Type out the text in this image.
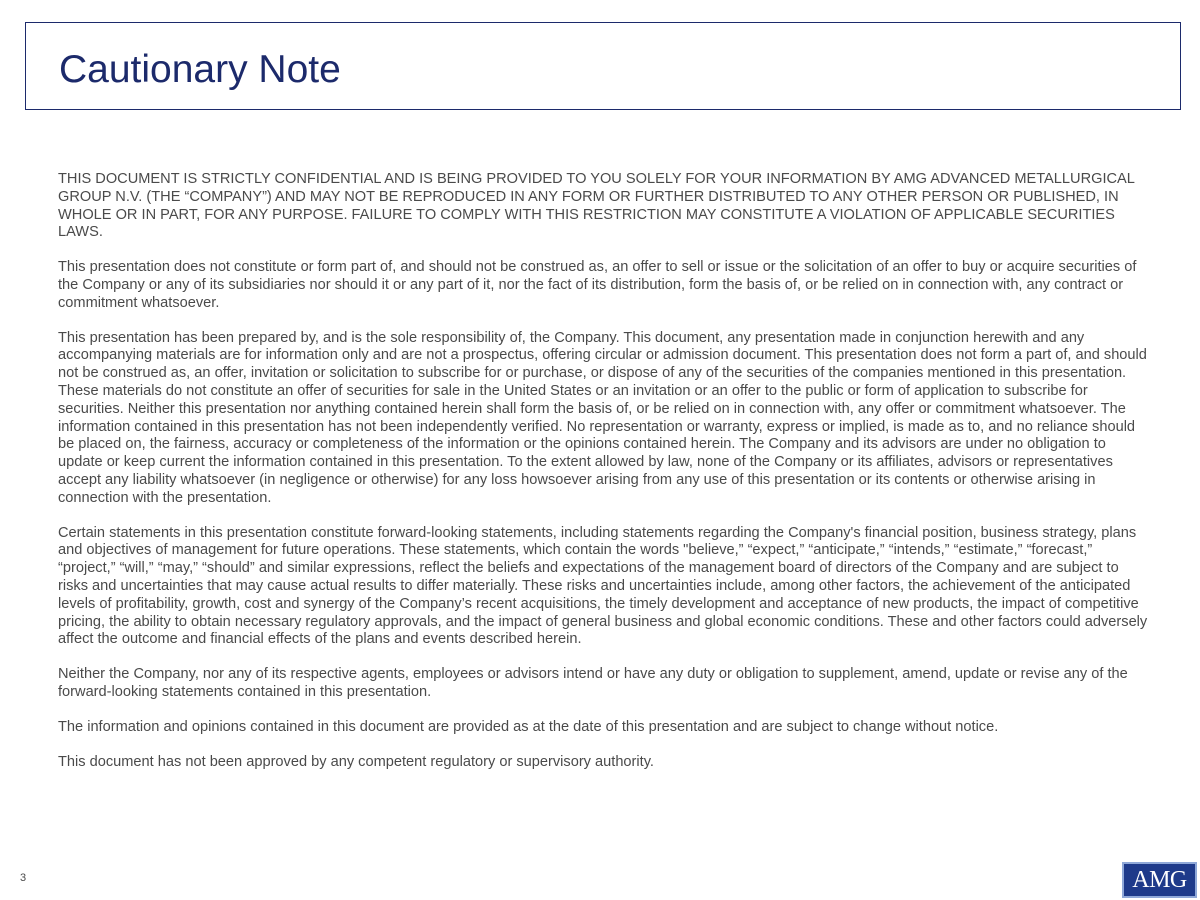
Cautionary Note

THIS DOCUMENT IS STRICTLY CONFIDENTIAL AND IS BEING PROVIDED TO YOU SOLELY FOR YOUR INFORMATION BY AMG ADVANCED METALLURGICAL GROUP N.V. (THE “COMPANY”) AND MAY NOT BE REPRODUCED IN ANY FORM OR FURTHER DISTRIBUTED TO ANY OTHER PERSON OR PUBLISHED, IN WHOLE OR IN PART, FOR ANY PURPOSE. FAILURE TO COMPLY WITH THIS RESTRICTION MAY CONSTITUTE A VIOLATION OF APPLICABLE SECURITIES LAWS.

This presentation does not constitute or form part of, and should not be construed as, an offer to sell or issue or the solicitation of an offer to buy or acquire securities of the Company or any of its subsidiaries nor should it or any part of it, nor the fact of its distribution, form the basis of, or be relied on in connection with, any contract or commitment whatsoever.

This presentation has been prepared by, and is the sole responsibility of, the Company. This document, any presentation made in conjunction herewith and any accompanying materials are for information only and are not a prospectus, offering circular or admission document. This presentation does not form a part of, and should not be construed as, an offer, invitation or solicitation to subscribe for or purchase, or dispose of any of the securities of the companies mentioned in this presentation. These materials do not constitute an offer of securities for sale in the United States or an invitation or an offer to the public or form of application to subscribe for securities. Neither this presentation nor anything contained herein shall form the basis of, or be relied on in connection with, any offer or commitment whatsoever. The information contained in this presentation has not been independently verified. No representation or warranty, express or implied, is made as to, and no reliance should be placed on, the fairness, accuracy or completeness of the information or the opinions contained herein. The Company and its advisors are under no obligation to update or keep current the information contained in this presentation. To the extent allowed by law, none of the Company or its affiliates, advisors or representatives accept any liability whatsoever (in negligence or otherwise) for any loss howsoever arising from any use of this presentation or its contents or otherwise arising in connection with the presentation.

Certain statements in this presentation constitute forward-looking statements, including statements regarding the Company's financial position, business strategy, plans and objectives of management for future operations. These statements, which contain the words "believe,” “expect,” “anticipate,” “intends,” “estimate,” “forecast,” “project,” “will,” “may,” “should” and similar expressions, reflect the beliefs and expectations of the management board of directors of the Company and are subject to risks and uncertainties that may cause actual results to differ materially. These risks and uncertainties include, among other factors, the achievement of the anticipated levels of profitability, growth, cost and synergy of the Company’s recent acquisitions, the timely development and acceptance of new products, the impact of competitive pricing, the ability to obtain necessary regulatory approvals, and the impact of general business and global economic conditions. These and other factors could adversely affect the outcome and financial effects of the plans and events described herein.

Neither the Company, nor any of its respective agents, employees or advisors intend or have any duty or obligation to supplement, amend, update or revise any of the forward-looking statements contained in this presentation.

The information and opinions contained in this document are provided as at the date of this presentation and are subject to change without notice.

This document has not been approved by any competent regulatory or supervisory authority.

3	AMG
